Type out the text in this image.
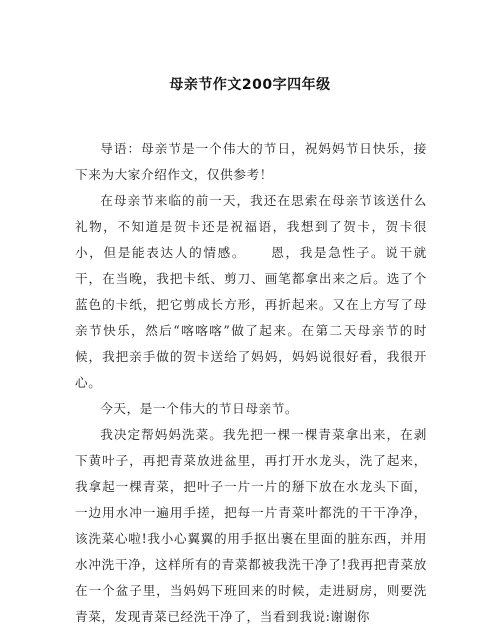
母亲节作文200字四年级

导语：母亲节是一个伟大的节日，祝妈妈节日快乐，接下来为大家介绍作文，仅供参考！

在母亲节来临的前一天，我还在思索在母亲节该送什么礼物，不知道是贺卡还是祝福语，我想到了贺卡，贺卡很小，但是能表达人的情感。 恩，我是急性子。说干就干，在当晚，我把卡纸、剪刀、画笔都拿出来之后。选了个蓝色的卡纸，把它剪成长方形，再折起来。又在上方写了母亲节快乐，然后“喀喀喀”做了起来。在第二天母亲节的时候，我把亲手做的贺卡送给了妈妈，妈妈说很好看，我很开心。

今天，是一个伟大的节日母亲节。

我决定帮妈妈洗菜。我先把一棵一棵青菜拿出来，在剥下黄叶子，再把青菜放进盆里，再打开水龙头，洗了起来，我拿起一棵青菜，把叶子一片一片的掰下放在水龙头下面，一边用水冲一遍用手搓，把每一片青菜叶都洗的干干净净，该洗菜心啦!我小心翼翼的用手抠出裹在里面的脏东西，并用水冲洗干净，这样所有的青菜都被我洗干净了!我再把青菜放在一个盆子里，当妈妈下班回来的时候，走进厨房，则要洗青菜，发现青菜已经洗干净了，当看到我说:谢谢你
